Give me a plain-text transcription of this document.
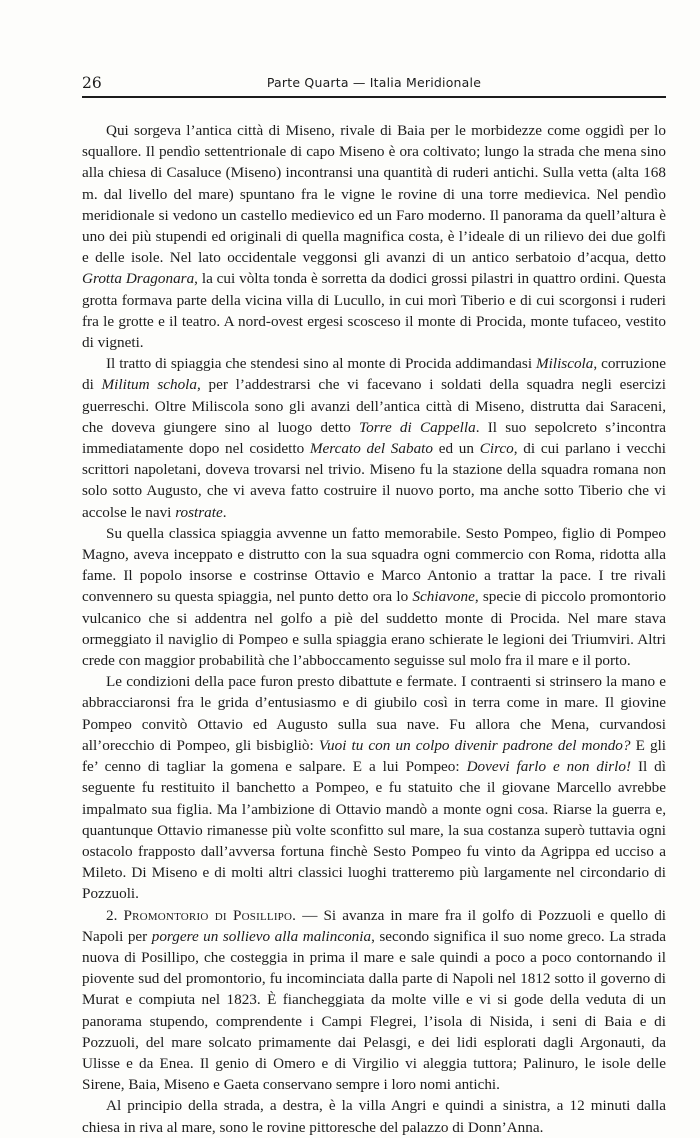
26	Parte Quarta — Italia Meridionale

Qui sorgeva l’antica città di Miseno, rivale di Baia per le morbidezze come oggidì per lo squallore. Il pendìo settentrionale di capo Miseno è ora coltivato; lungo la strada che mena sino alla chiesa di Casaluce (Miseno) incontransi una quantità di ruderi antichi. Sulla vetta (alta 168 m. dal livello del mare) spuntano fra le vigne le rovine di una torre medievica. Nel pendìo meridionale si vedono un castello medievico ed un Faro moderno. Il panorama da quell’altura è uno dei più stupendi ed originali di quella magnifica costa, è l’ideale di un rilievo dei due golfi e delle isole. Nel lato occidentale veggonsi gli avanzi di un antico serbatoio d’acqua, detto Grotta Dragonara, la cui vòlta tonda è sorretta da dodici grossi pilastri in quattro ordini. Questa grotta formava parte della vicina villa di Lucullo, in cui morì Tiberio e di cui scorgonsi i ruderi fra le grotte e il teatro. A nord-ovest ergesi scosceso il monte di Procida, monte tufaceo, vestito di vigneti.

Il tratto di spiaggia che stendesi sino al monte di Procida addimandasi Miliscola, corruzione di Militum schola, per l’addestrarsi che vi facevano i soldati della squadra negli esercizi guerreschi. Oltre Miliscola sono gli avanzi dell’antica città di Miseno, distrutta dai Saraceni, che doveva giungere sino al luogo detto Torre di Cappella. Il suo sepolcreto s’incontra immediatamente dopo nel cosidetto Mercato del Sabato ed un Circo, di cui parlano i vecchi scrittori napoletani, doveva trovarsi nel trivio. Miseno fu la stazione della squadra romana non solo sotto Augusto, che vi aveva fatto costruire il nuovo porto, ma anche sotto Tiberio che vi accolse le navi rostrate.

Su quella classica spiaggia avvenne un fatto memorabile. Sesto Pompeo, figlio di Pompeo Magno, aveva inceppato e distrutto con la sua squadra ogni commercio con Roma, ridotta alla fame. Il popolo insorse e costrinse Ottavio e Marco Antonio a trattar la pace. I tre rivali convennero su questa spiaggia, nel punto detto ora lo Schiavone, specie di piccolo promontorio vulcanico che si addentra nel golfo a piè del suddetto monte di Procida. Nel mare stava ormeggiato il naviglio di Pompeo e sulla spiaggia erano schierate le legioni dei Triumviri. Altri crede con maggior probabilità che l’abboccamento seguisse sul molo fra il mare e il porto.

Le condizioni della pace furon presto dibattute e fermate. I contraenti si strinsero la mano e abbracciaronsi fra le grida d’entusiasmo e di giubilo così in terra come in mare. Il giovine Pompeo convitò Ottavio ed Augusto sulla sua nave. Fu allora che Mena, curvandosi all’orecchio di Pompeo, gli bisbigliò: Vuoi tu con un colpo divenir padrone del mondo? E gli fe’ cenno di tagliar la gomena e salpare. E a lui Pompeo: Dovevi farlo e non dirlo! Il dì seguente fu restituito il banchetto a Pompeo, e fu statuito che il giovane Marcello avrebbe impalmato sua figlia. Ma l’ambizione di Ottavio mandò a monte ogni cosa. Riarse la guerra e, quantunque Ottavio rimanesse più volte sconfitto sul mare, la sua costanza superò tuttavia ogni ostacolo frapposto dall’avversa fortuna finchè Sesto Pompeo fu vinto da Agrippa ed ucciso a Mileto. Di Miseno e di molti altri classici luoghi tratteremo più largamente nel circondario di Pozzuoli.

2. Promontorio di Posillipo. — Si avanza in mare fra il golfo di Pozzuoli e quello di Napoli per porgere un sollievo alla malinconia, secondo significa il suo nome greco. La strada nuova di Posillipo, che costeggia in prima il mare e sale quindi a poco a poco contornando il piovente sud del promontorio, fu incominciata dalla parte di Napoli nel 1812 sotto il governo di Murat e compiuta nel 1823. È fiancheggiata da molte ville e vi si gode della veduta di un panorama stupendo, comprendente i Campi Flegrei, l’isola di Nisida, i seni di Baia e di Pozzuoli, del mare solcato primamente dai Pelasgi, e dei lidi esplorati dagli Argonauti, da Ulisse e da Enea. Il genio di Omero e di Virgilio vi aleggia tuttora; Palinuro, le isole delle Sirene, Baia, Miseno e Gaeta conservano sempre i loro nomi antichi.

Al principio della strada, a destra, è la villa Angri e quindi a sinistra, a 12 minuti dalla chiesa in riva al mare, sono le rovine pittoresche del palazzo di Donn’Anna.
